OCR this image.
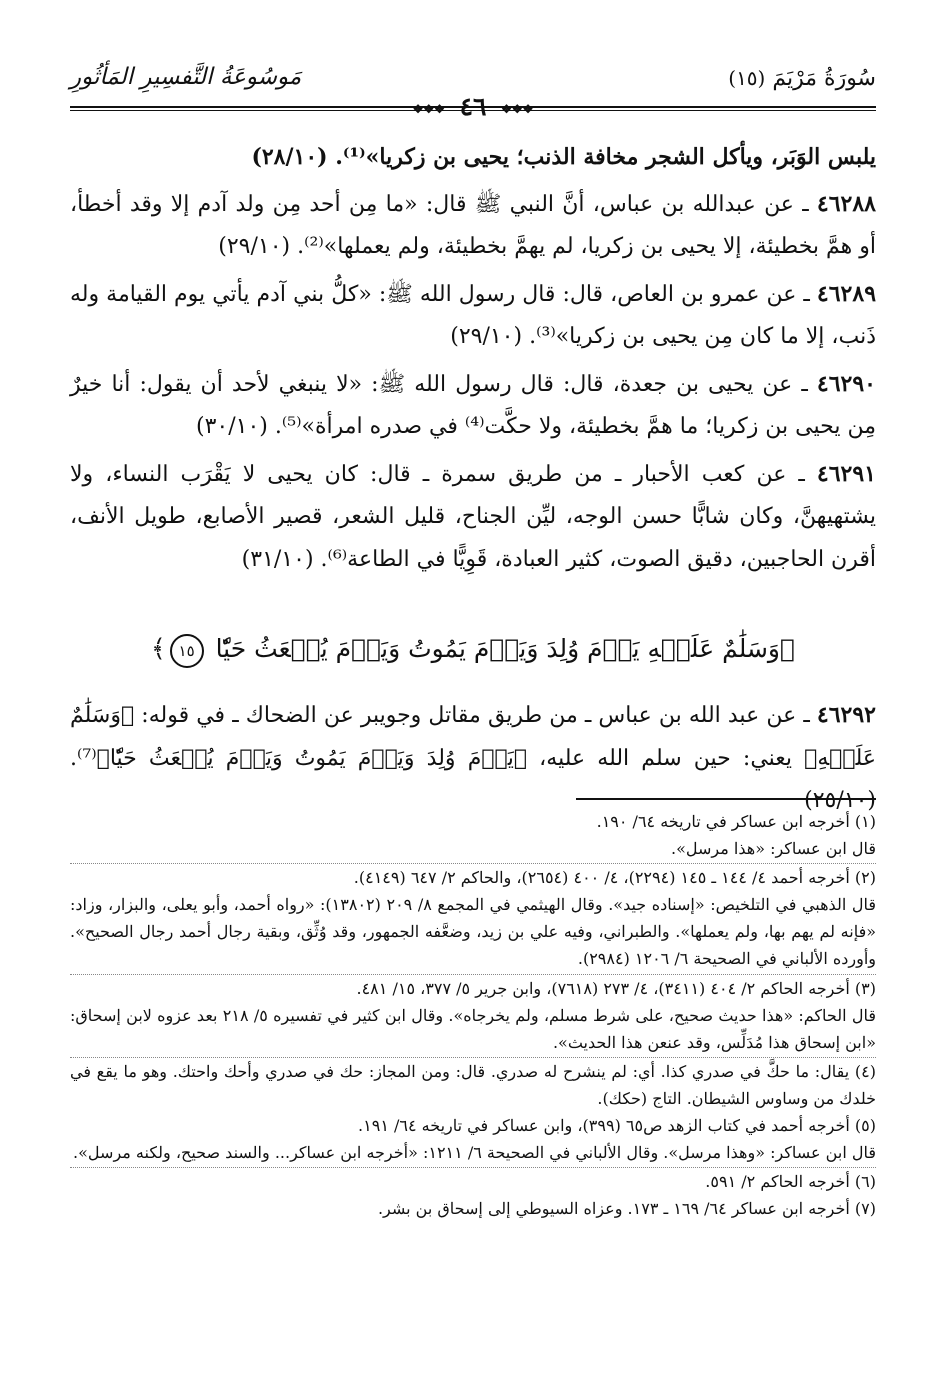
سُورَةُ مَرْيَمَ (١٥)
❖❖❖ ٤٦ ❖❖❖
مَوسُوعَةُ التَّفسِيرِ المَأثُورِ

يلبس الوَبَر، ويأكل الشجر مخافة الذنب؛ يحيى بن زكريا»⁽¹⁾. (٢٨/١٠)

٤٦٢٨٨ ـ عن عبدالله بن عباس، أنَّ النبي ﷺ قال: «ما مِن أحد مِن ولد آدم إلا وقد أخطأ، أو همَّ بخطيئة، إلا يحيى بن زكريا، لم يهمَّ بخطيئة، ولم يعملها»⁽²⁾. (٢٩/١٠)

٤٦٢٨٩ ـ عن عمرو بن العاص، قال: قال رسول الله ﷺ: «كلُّ بني آدم يأتي يوم القيامة وله ذَنب، إلا ما كان مِن يحيى بن زكريا»⁽³⁾. (٢٩/١٠)

٤٦٢٩٠ ـ عن يحيى بن جعدة، قال: قال رسول الله ﷺ: «لا ينبغي لأحد أن يقول: أنا خيرٌ مِن يحيى بن زكريا؛ ما همَّ بخطيئة، ولا حكَّت⁽⁴⁾ في صدره امرأة»⁽⁵⁾. (٣٠/١٠)

٤٦٢٩١ ـ عن كعب الأحبار ـ من طريق سمرة ـ قال: كان يحيى لا يَقْرَب النساء، ولا يشتهيهنَّ، وكان شابًّا حسن الوجه، ليِّن الجناح، قليل الشعر، قصير الأصابع، طويل الأنف، أقرن الحاجبين، دقيق الصوت، كثير العبادة، قَوِيًّا في الطاعة⁽⁶⁾. (٣١/١٠)

﴿وَسَلَٰمٌ عَلَيۡهِ يَوۡمَ وُلِدَ وَيَوۡمَ يَمُوتُ وَيَوۡمَ يُبۡعَثُ حَيّٗا ١٥﴾

٤٦٢٩٢ ـ عن عبد الله بن عباس ـ من طريق مقاتل وجويبر عن الضحاك ـ في قوله: ﴿وَسَلَٰمٌ عَلَيۡهِ﴾ يعني: حين سلم الله عليه، ﴿يَوۡمَ وُلِدَ وَيَوۡمَ يَمُوتُ وَيَوۡمَ يُبۡعَثُ حَيّٗا﴾⁽⁷⁾. (٢٥/١٠)

(١) أخرجه ابن عساكر في تاريخه ٦٤/ ١٩٠.

قال ابن عساكر: «هذا مرسل».

(٢) أخرجه أحمد ٤/ ١٤٤ ـ ١٤٥ (٢٢٩٤)، ٤/ ٤٠٠ (٢٦٥٤)، والحاكم ٢/ ٦٤٧ (٤١٤٩).

قال الذهبي في التلخيص: «إسناده جيد». وقال الهيثمي في المجمع ٨/ ٢٠٩ (١٣٨٠٢): «رواه أحمد، وأبو يعلى، والبزار، وزاد: «فإنه لم يهم بها، ولم يعملها». والطبراني، وفيه علي بن زيد، وضعَّفه الجمهور، وقد وُثِّق، وبقية رجال أحمد رجال الصحيح». وأورده الألباني في الصحيحة ٦/ ١٢٠٦ (٢٩٨٤).

(٣) أخرجه الحاكم ٢/ ٤٠٤ (٣٤١١)، ٤/ ٢٧٣ (٧٦١٨)، وابن جرير ٥/ ٣٧٧، ١٥/ ٤٨١.

قال الحاكم: «هذا حديث صحيح، على شرط مسلم، ولم يخرجاه». وقال ابن كثير في تفسيره ٥/ ٢١٨ بعد عزوه لابن إسحاق: «ابن إسحاق هذا مُدَلِّس، وقد عنعن هذا الحديث».

(٤) يقال: ما حكَّ في صدري كذا. أي: لم ينشرح له صدري. قال: ومن المجاز: حك في صدري وأحك واحتك. وهو ما يقع في خلدك من وساوس الشيطان. التاج (حكك).

(٥) أخرجه أحمد في كتاب الزهد ص٦٥ (٣٩٩)، وابن عساكر في تاريخه ٦٤/ ١٩١.

قال ابن عساكر: «وهذا مرسل». وقال الألباني في الصحيحة ٦/ ١٢١١: «أخرجه ابن عساكر... والسند صحيح، ولكنه مرسل».

(٦) أخرجه الحاكم ٢/ ٥٩١.

(٧) أخرجه ابن عساكر ٦٤/ ١٦٩ ـ ١٧٣. وعزاه السيوطي إلى إسحاق بن بشر.
